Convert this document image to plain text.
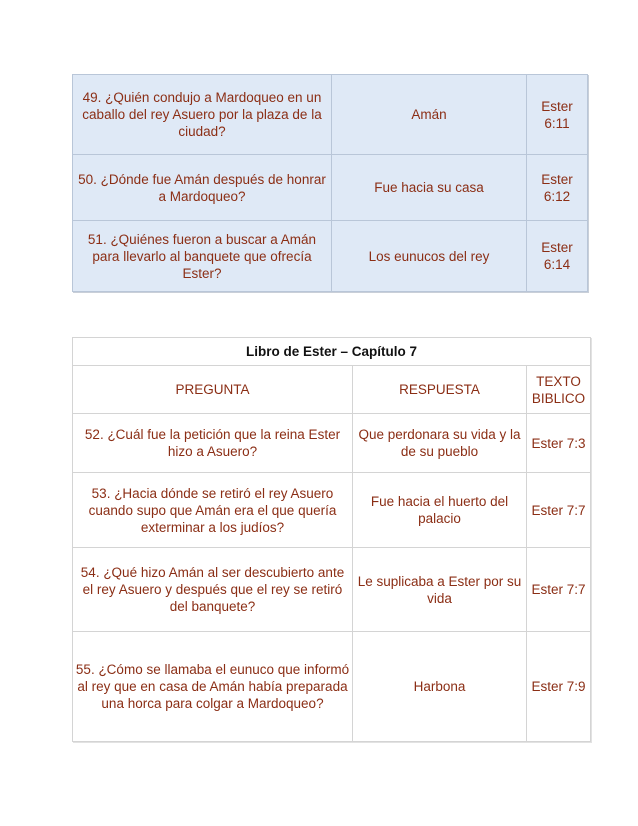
49. ¿Quién condujo a Mardoqueo en un caballo del rey Asuero por la plaza de la ciudad?	Amán	Ester 6:11
50. ¿Dónde fue Amán después de honrar a Mardoqueo?	Fue hacia su casa	Ester 6:12
51. ¿Quiénes fueron a buscar a Amán para llevarlo al banquete que ofrecía Ester?	Los eunucos del rey	Ester 6:14
Libro de Ester – Capítulo 7		
PREGUNTA	RESPUESTA	TEXTO BIBLICO
52. ¿Cuál fue la petición que la reina Ester hizo a Asuero?	Que perdonara su vida y la de su pueblo	Ester 7:3
53. ¿Hacia dónde se retiró el rey Asuero cuando supo que Amán era el que quería exterminar a los judíos?	Fue hacia el huerto del palacio	Ester 7:7
54. ¿Qué hizo Amán al ser descubierto ante el rey Asuero y después que el rey se retiró del banquete?	Le suplicaba a Ester por su vida	Ester 7:7
55. ¿Cómo se llamaba el eunuco que informó al rey que en casa de Amán había preparada una horca para colgar a Mardoqueo?	Harbona	Ester 7:9
